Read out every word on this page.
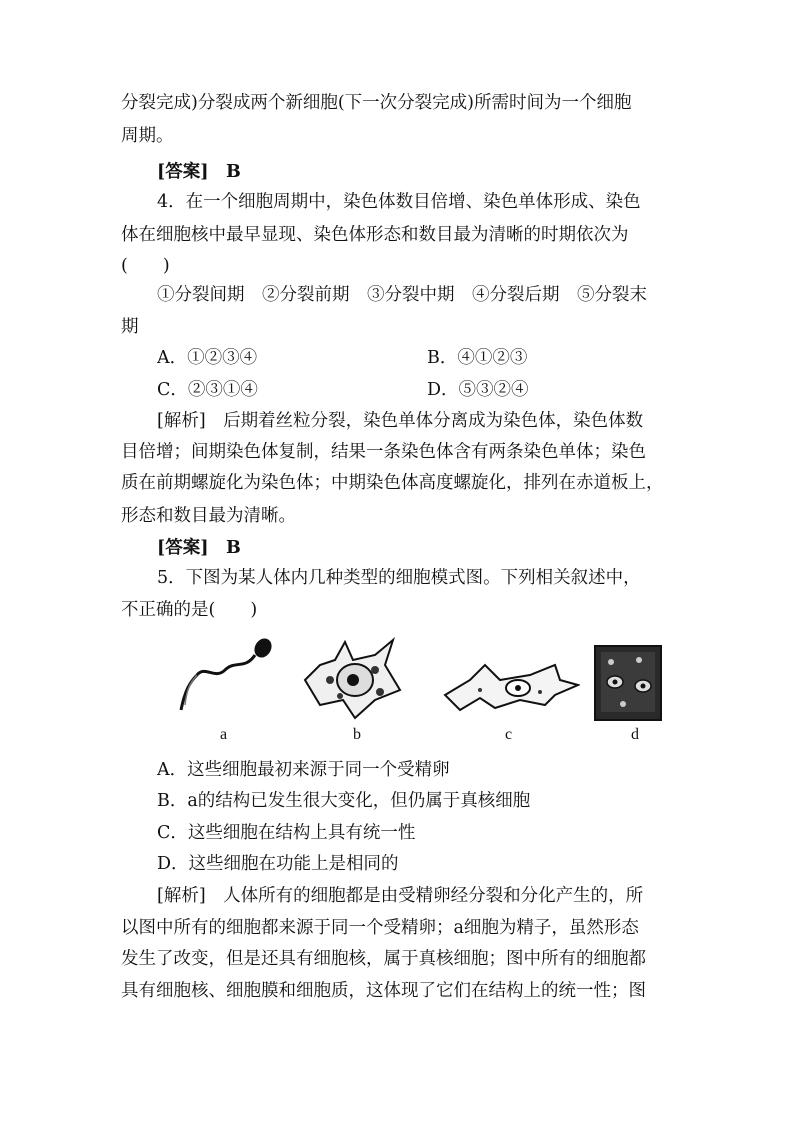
分裂完成)分裂成两个新细胞(下一次分裂完成)所需时间为一个细胞
周期。
[答案]　B
4．在一个细胞周期中，染色体数目倍增、染色单体形成、染色
体在细胞核中最早显现、染色体形态和数目最为清晰的时期依次为
(　　)
①分裂间期　②分裂前期　③分裂中期　④分裂后期　⑤分裂末
期
A．①②③④	B．④①②③
C．②③①④	D．⑤③②④
[解析]　后期着丝粒分裂，染色单体分离成为染色体，染色体数
目倍增；间期染色体复制，结果一条染色体含有两条染色单体；染色
质在前期螺旋化为染色体；中期染色体高度螺旋化，排列在赤道板上，
形态和数目最为清晰。
[答案]　B
5．下图为某人体内几种类型的细胞模式图。下列相关叙述中，
不正确的是(　　)
a	b	c	d
A．这些细胞最初来源于同一个受精卵
B．a的结构已发生很大变化，但仍属于真核细胞
C．这些细胞在结构上具有统一性
D．这些细胞在功能上是相同的
[解析]　人体所有的细胞都是由受精卵经分裂和分化产生的，所
以图中所有的细胞都来源于同一个受精卵；a细胞为精子，虽然形态
发生了改变，但是还具有细胞核，属于真核细胞；图中所有的细胞都
具有细胞核、细胞膜和细胞质，这体现了它们在结构上的统一性；图
